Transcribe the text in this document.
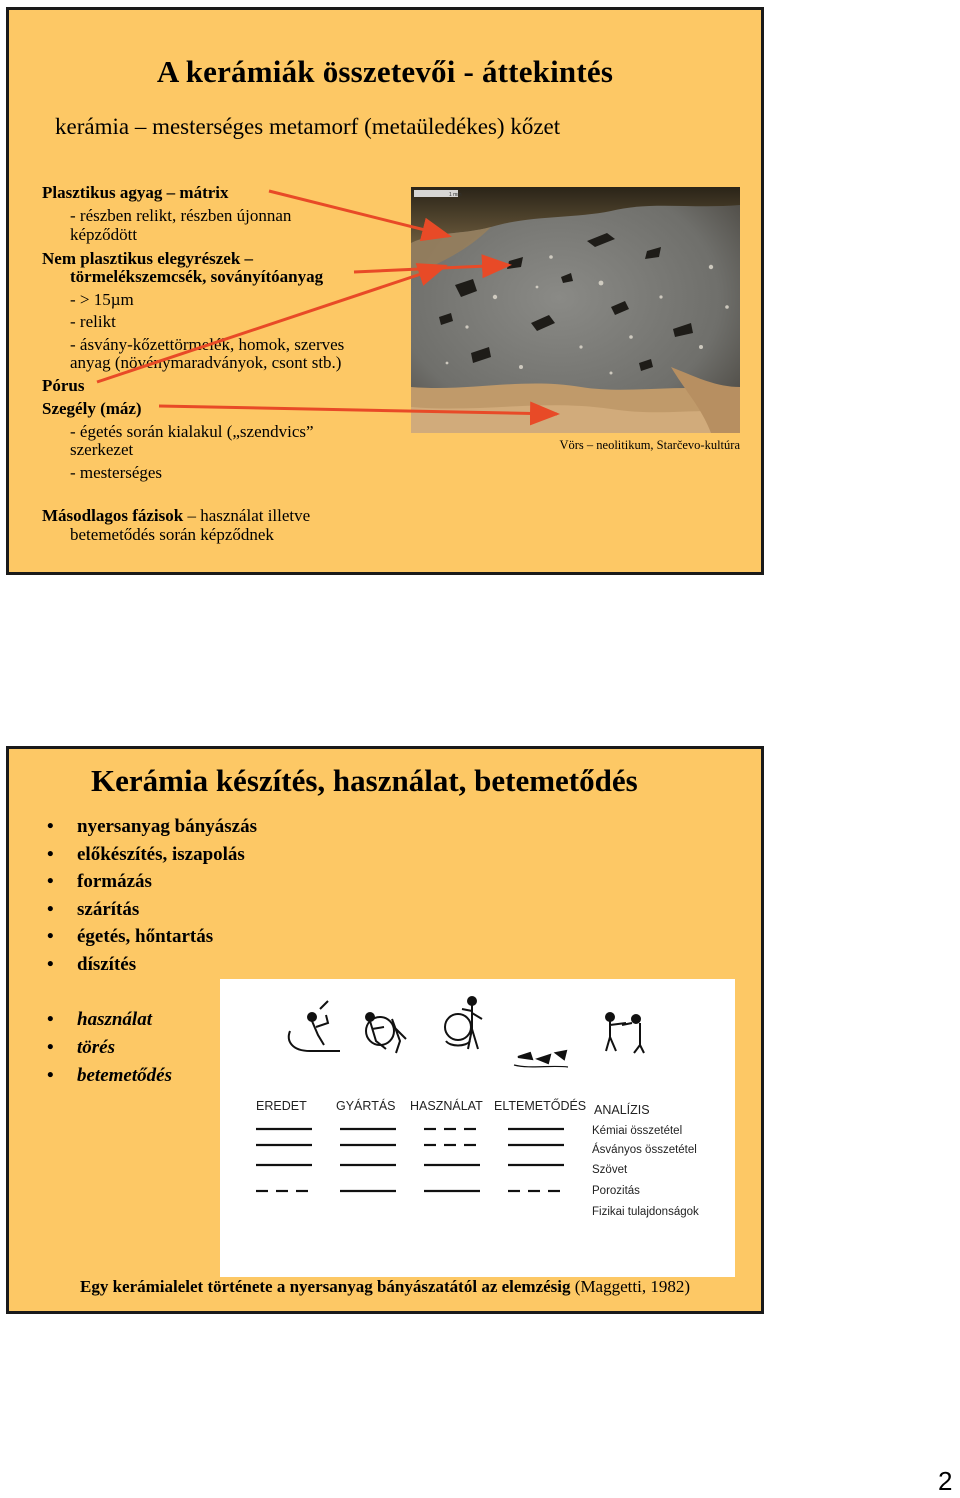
A kerámiák összetevői - áttekintés
kerámia – mesterséges metamorf (metaüledékes) kőzet
Plasztikus agyag – mátrix
- részben relikt, részben újonnan
képződött
Nem plasztikus elegyrészek –
törmelékszemcsék, soványítóanyag
- > 15µm
- relikt
- ásvány-kőzettörmelék, homok, szerves
anyag (növénymaradványok, csont stb.)
Pórus
Szegély (máz)
- égetés során kialakul („szendvics”
szerkezet
- mesterséges
Másodlagos fázisok – használat illetve
betemetődés során képződnek
1 mm
Vörs – neolitikum, Starčevo-kultúra
Kerámia készítés, használat, betemetődés
• nyersanyag bányászás
• előkészítés, iszapolás
• formázás
• szárítás
• égetés, hőntartás
• díszítés
• használat
• törés
• betemetődés
EREDET GYÁRTÁS HASZNÁLAT ELTEMETŐDÉS ANALÍZIS
Kémiai összetétel
Ásványos összetétel
Szövet
Porozitás
Fizikai tulajdonságok
Egy kerámialelet története a nyersanyag bányászatától az elemzésig (Maggetti, 1982)
2
